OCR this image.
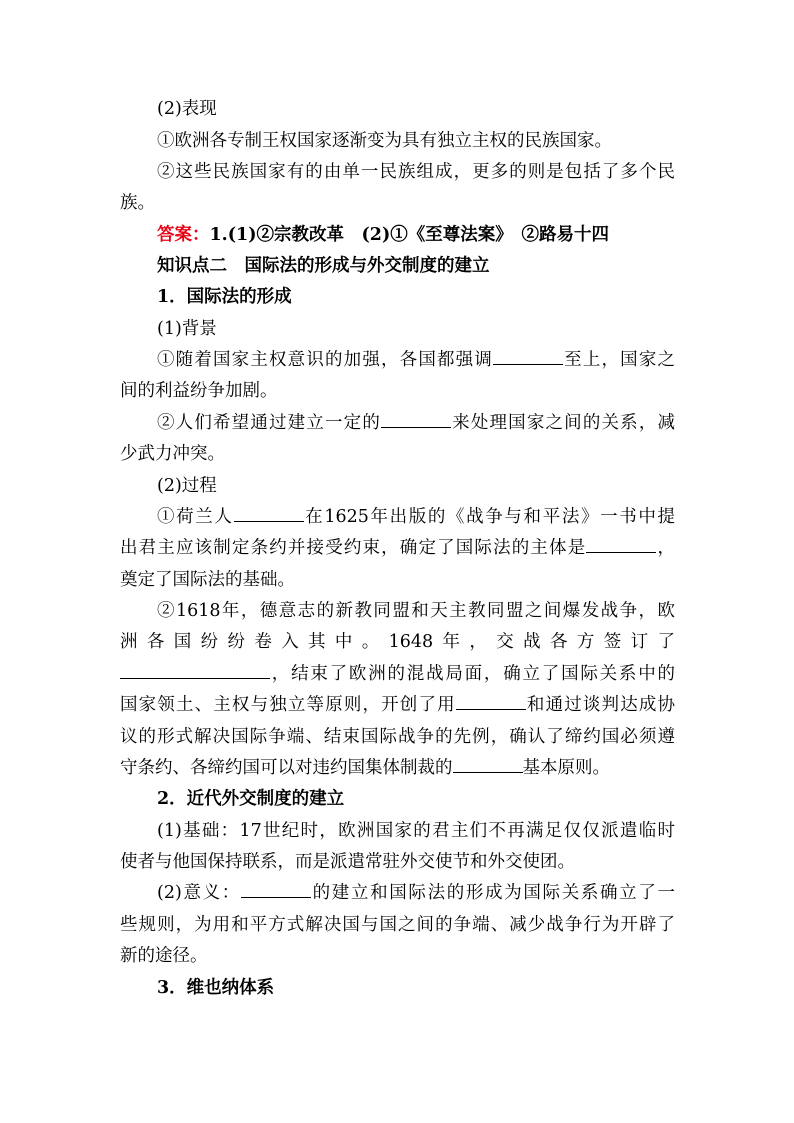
(2)表现
①欧洲各专制王权国家逐渐变为具有独立主权的民族国家。
②这些民族国家有的由单一民族组成，更多的则是包括了多个民
族。
答案：1.(1)②宗教改革　(2)①《至尊法案》　②路易十四
知识点二　国际法的形成与外交制度的建立
1．国际法的形成
(1)背景
①随着国家主权意识的加强，各国都强调	至上，国家之
间的利益纷争加剧。
②人们希望通过建立一定的	来处理国家之间的关系，减
少武力冲突。
(2)过程
①荷兰人	在1625年出版的《战争与和平法》一书中提
出君主应该制定条约并接受约束，确定了国际法的主体是	，
奠定了国际法的基础。
②1618年，德意志的新教同盟和天主教同盟之间爆发战争，欧
洲各国纷纷卷入其中。1648年，交战各方签订了
，结束了欧洲的混战局面，确立了国际关系中的
国家领土、主权与独立等原则，开创了用	和通过谈判达成协
议的形式解决国际争端、结束国际战争的先例，确认了缔约国必须遵
守条约、各缔约国可以对违约国集体制裁的	基本原则。
2．近代外交制度的建立
(1)基础：17世纪时，欧洲国家的君主们不再满足仅仅派遣临时
使者与他国保持联系，而是派遣常驻外交使节和外交使团。
(2)意义：	的建立和国际法的形成为国际关系确立了一
些规则，为用和平方式解决国与国之间的争端、减少战争行为开辟了
新的途径。
3．维也纳体系
